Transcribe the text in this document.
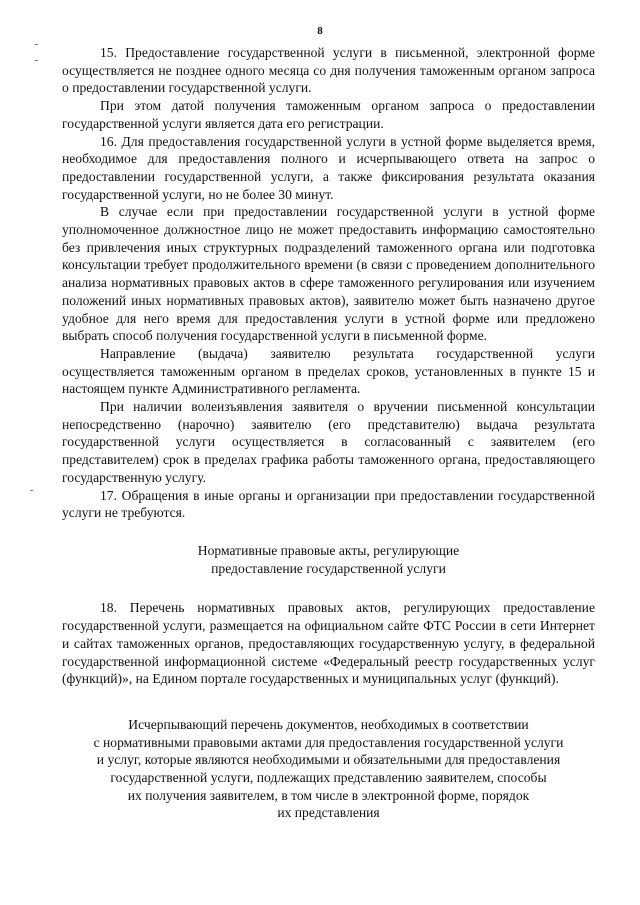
8

15. Предоставление государственной услуги в письменной, электронной форме осуществляется не позднее одного месяца со дня получения таможенным органом запроса о предоставлении государственной услуги.

При этом датой получения таможенным органом запроса о предоставлении государственной услуги является дата его регистрации.

16. Для предоставления государственной услуги в устной форме выделяется время, необходимое для предоставления полного и исчерпывающего ответа на запрос о предоставлении государственной услуги, а также фиксирования результата оказания государственной услуги, но не более 30 минут.

В случае если при предоставлении государственной услуги в устной форме уполномоченное должностное лицо не может предоставить информацию самостоятельно без привлечения иных структурных подразделений таможенного органа или подготовка консультации требует продолжительного времени (в связи с проведением дополнительного анализа нормативных правовых актов в сфере таможенного регулирования или изучением положений иных нормативных правовых актов), заявителю может быть назначено другое удобное для него время для предоставления услуги в устной форме или предложено выбрать способ получения государственной услуги в письменной форме.

Направление (выдача) заявителю результата государственной услуги осуществляется таможенным органом в пределах сроков, установленных в пункте 15 и настоящем пункте Административного регламента.

При наличии волеизъявления заявителя о вручении письменной консультации непосредственно (нарочно) заявителю (его представителю) выдача результата государственной услуги осуществляется в согласованный с заявителем (его представителем) срок в пределах графика работы таможенного органа, предоставляющего государственную услугу.

17. Обращения в иные органы и организации при предоставлении государственной услуги не требуются.

Нормативные правовые акты, регулирующие
предоставление государственной услуги

18. Перечень нормативных правовых актов, регулирующих предоставление государственной услуги, размещается на официальном сайте ФТС России в сети Интернет и сайтах таможенных органов, предоставляющих государственную услугу, в федеральной государственной информационной системе «Федеральный реестр государственных услуг (функций)», на Едином портале государственных и муниципальных услуг (функций).

Исчерпывающий перечень документов, необходимых в соответствии
с нормативными правовыми актами для предоставления государственной услуги
и услуг, которые являются необходимыми и обязательными для предоставления
государственной услуги, подлежащих представлению заявителем, способы
их получения заявителем, в том числе в электронной форме, порядок
их представления
